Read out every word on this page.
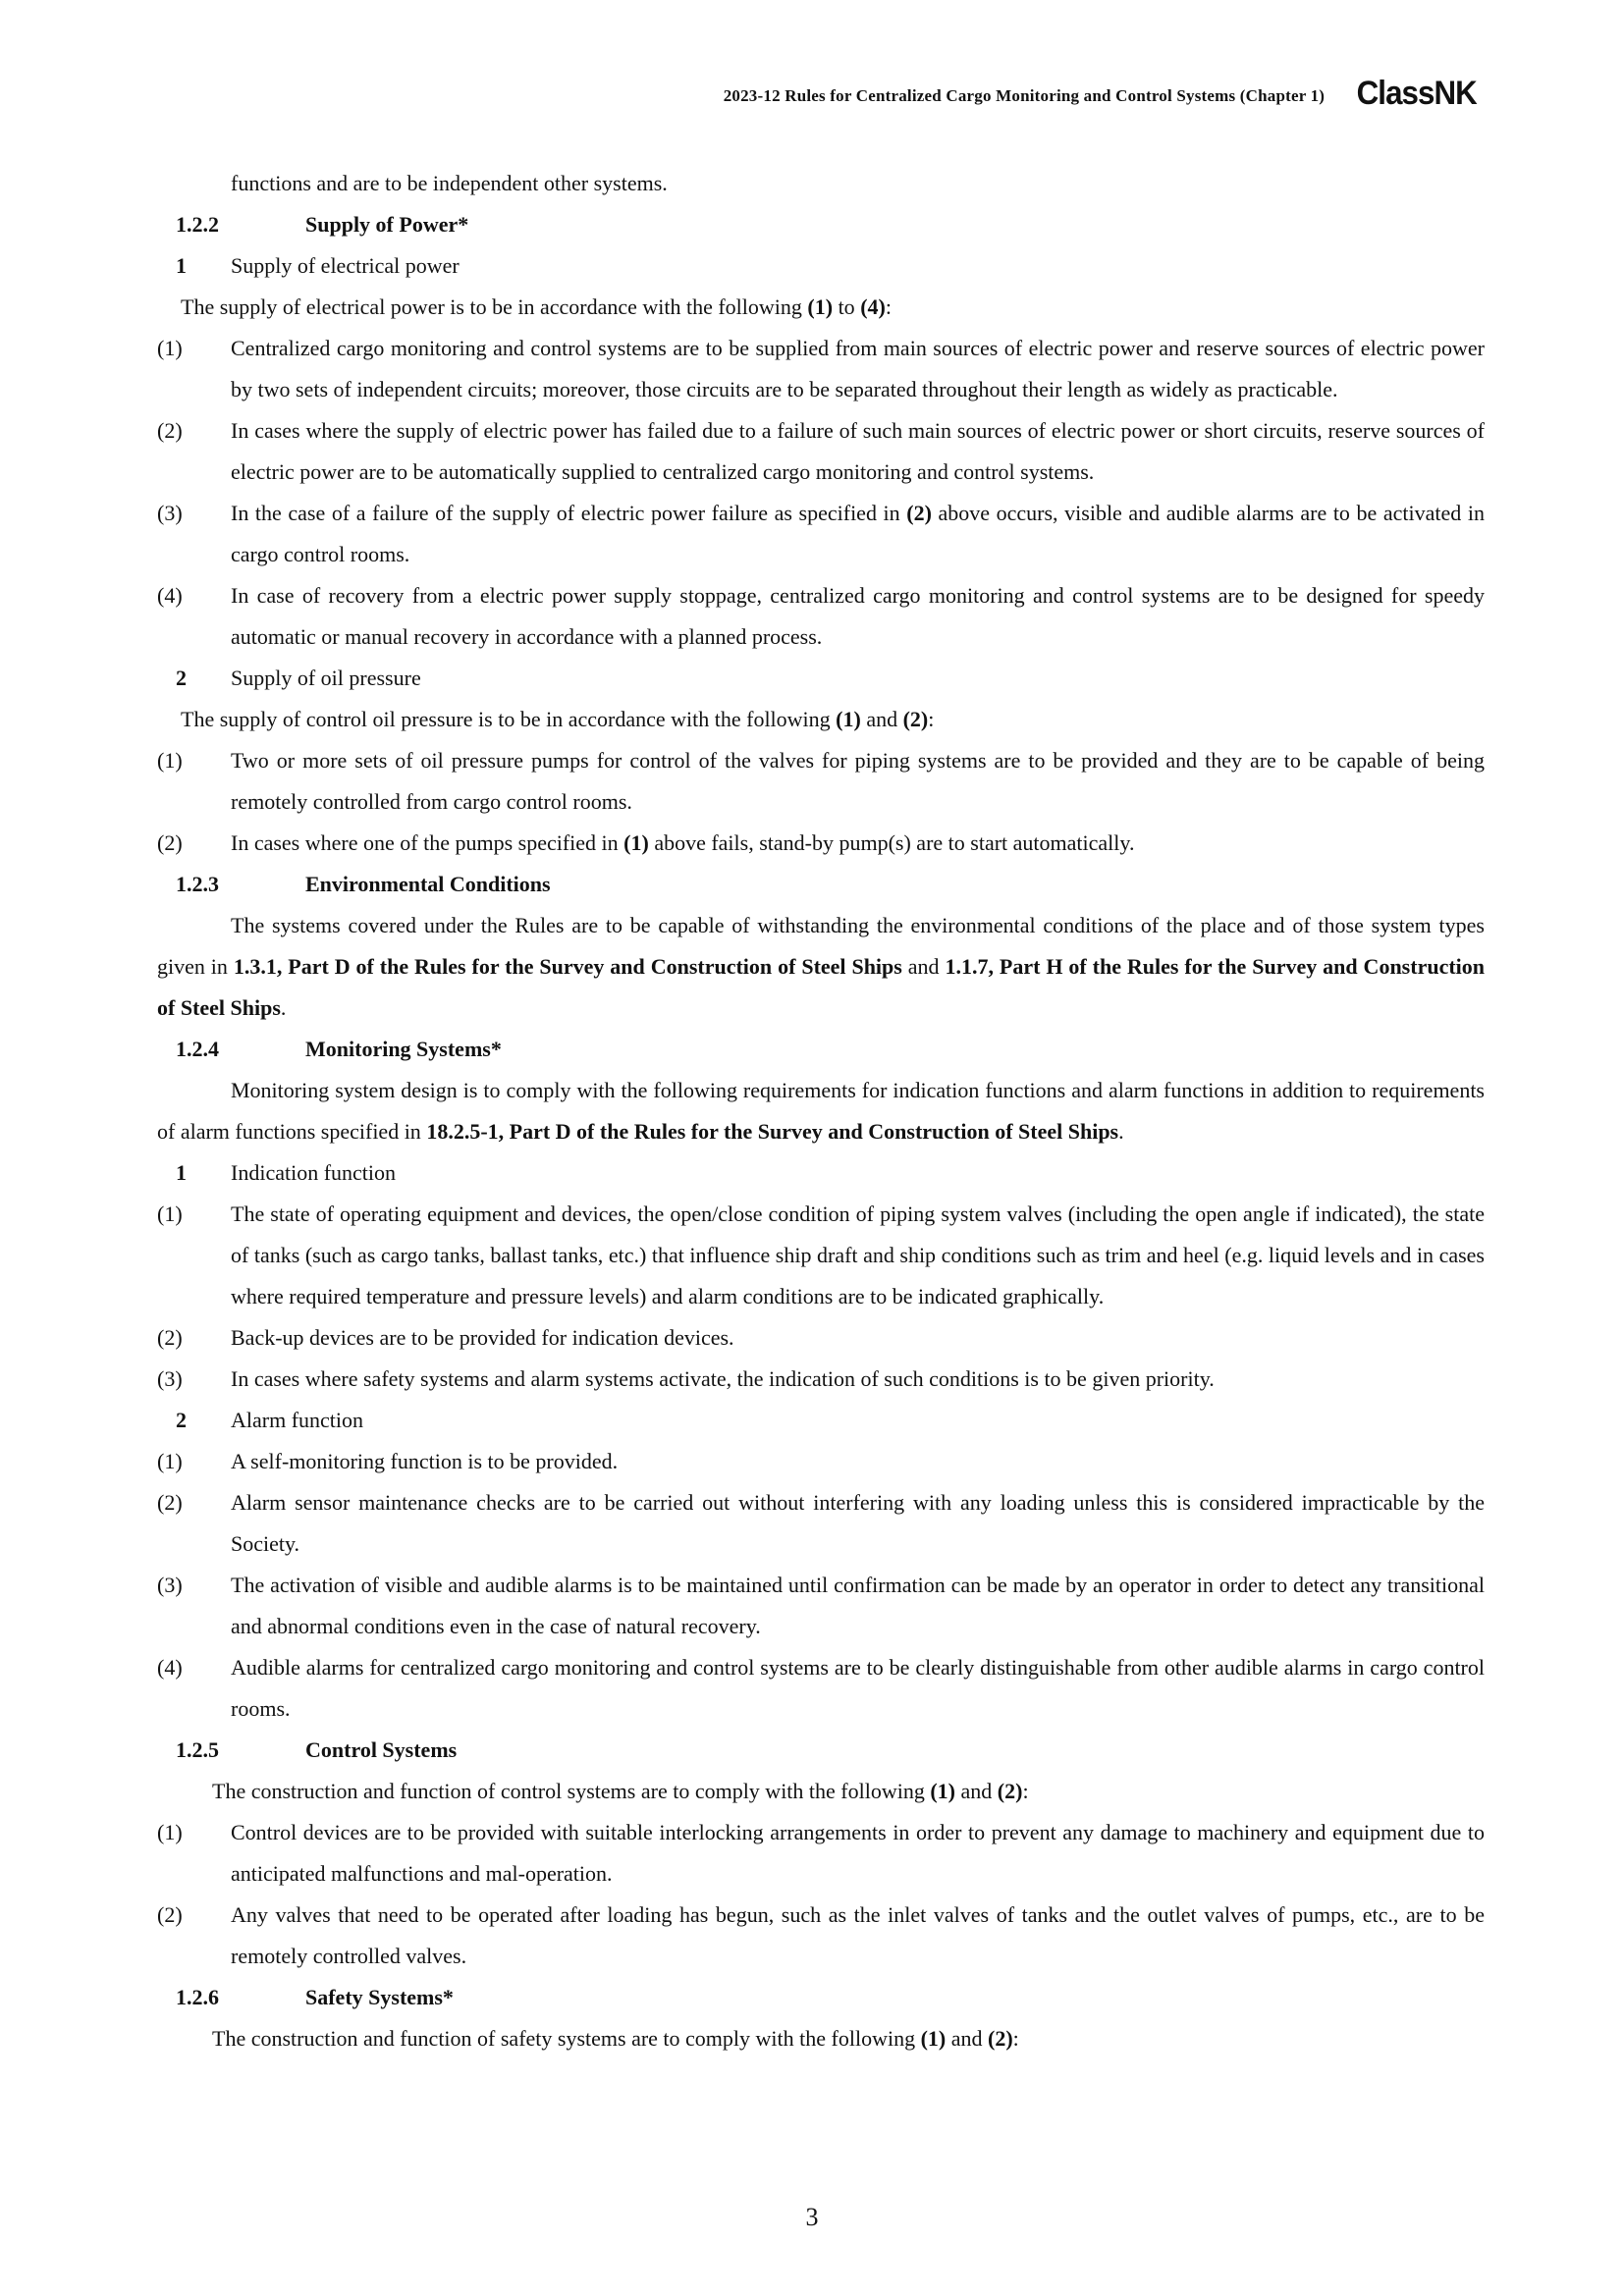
2023-12 Rules for Centralized Cargo Monitoring and Control Systems (Chapter 1) ClassNK

functions and are to be independent other systems.

1.2.2	Supply of Power*
1	Supply of electrical power

The supply of electrical power is to be in accordance with the following (1) to (4):

(1)	Centralized cargo monitoring and control systems are to be supplied from main sources of electric power and reserve sources of electric power by two sets of independent circuits; moreover, those circuits are to be separated throughout their length as widely as practicable.
(2)	In cases where the supply of electric power has failed due to a failure of such main sources of electric power or short circuits, reserve sources of electric power are to be automatically supplied to centralized cargo monitoring and control systems.
(3)	In the case of a failure of the supply of electric power failure as specified in (2) above occurs, visible and audible alarms are to be activated in cargo control rooms.
(4)	In case of recovery from a electric power supply stoppage, centralized cargo monitoring and control systems are to be designed for speedy automatic or manual recovery in accordance with a planned process.
2	Supply of oil pressure

The supply of control oil pressure is to be in accordance with the following (1) and (2):

(1)	Two or more sets of oil pressure pumps for control of the valves for piping systems are to be provided and they are to be capable of being remotely controlled from cargo control rooms.
(2)	In cases where one of the pumps specified in (1) above fails, stand-by pump(s) are to start automatically.
1.2.3	Environmental Conditions

The systems covered under the Rules are to be capable of withstanding the environmental conditions of the place and of those system types given in 1.3.1, Part D of the Rules for the Survey and Construction of Steel Ships and 1.1.7, Part H of the Rules for the Survey and Construction of Steel Ships.

1.2.4	Monitoring Systems*

Monitoring system design is to comply with the following requirements for indication functions and alarm functions in addition to requirements of alarm functions specified in 18.2.5-1, Part D of the Rules for the Survey and Construction of Steel Ships.

1	Indication function
(1)	The state of operating equipment and devices, the open/close condition of piping system valves (including the open angle if indicated), the state of tanks (such as cargo tanks, ballast tanks, etc.) that influence ship draft and ship conditions such as trim and heel (e.g. liquid levels and in cases where required temperature and pressure levels) and alarm conditions are to be indicated graphically.
(2)	Back-up devices are to be provided for indication devices.
(3)	In cases where safety systems and alarm systems activate, the indication of such conditions is to be given priority.
2	Alarm function
(1)	A self-monitoring function is to be provided.
(2)	Alarm sensor maintenance checks are to be carried out without interfering with any loading unless this is considered impracticable by the Society.
(3)	The activation of visible and audible alarms is to be maintained until confirmation can be made by an operator in order to detect any transitional and abnormal conditions even in the case of natural recovery.
(4)	Audible alarms for centralized cargo monitoring and control systems are to be clearly distinguishable from other audible alarms in cargo control rooms.
1.2.5	Control Systems

The construction and function of control systems are to comply with the following (1) and (2):

(1)	Control devices are to be provided with suitable interlocking arrangements in order to prevent any damage to machinery and equipment due to anticipated malfunctions and mal-operation.
(2)	Any valves that need to be operated after loading has begun, such as the inlet valves of tanks and the outlet valves of pumps, etc., are to be remotely controlled valves.
1.2.6	Safety Systems*

The construction and function of safety systems are to comply with the following (1) and (2):

3
